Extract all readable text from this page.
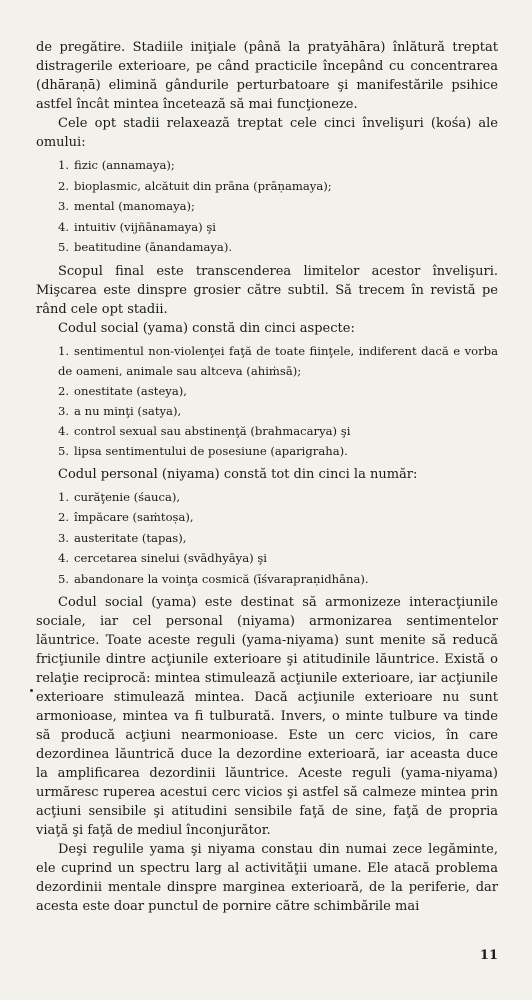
de pregătire. Stadiile iniţiale (până la pratyāhāra) înlătură treptat distragerile exterioare, pe când practicile începând cu concentrarea (dhāraṇā) elimină gândurile perturbatoare şi manifestările psihice astfel încât mintea încetează să mai funcţioneze.

Cele opt stadii relaxează treptat cele cinci învelişuri (kośa) ale omului:

1. fizic (annamaya);
2. bioplasmic, alcătuit din prāna (prāṇamaya);
3. mental (manomaya);
4. intuitiv (vijñānamaya) şi
5. beatitudine (ānandamaya).

Scopul final este transcenderea limitelor acestor învelişuri. Mişcarea este dinspre grosier către subtil. Să trecem în revistă pe rând cele opt stadii.

Codul social (yama) constă din cinci aspecte:

1. sentimentul non-violenţei faţă de toate fiinţele, indiferent dacă e vorba de oameni, animale sau altceva (ahiṁsā);
2. onestitate (asteya),
3. a nu minţi (satya),
4. control sexual sau abstinenţă (brahmacarya) şi
5. lipsa sentimentului de posesiune (aparigraha).

Codul personal (niyama) constă tot din cinci la număr:

1. curăţenie (śauca),
2. împăcare (saṁtoṣa),
3. austeritate (tapas),
4. cercetarea sinelui (svādhyāya) şi
5. abandonare la voinţa cosmică (īśvarapraṇidhāna).

Codul social (yama) este destinat să armonizeze interacţiunile sociale, iar cel personal (niyama) armonizarea sentimentelor lăuntrice. Toate aceste reguli (yama-niyama) sunt menite să reducă fricţiunile dintre acţiunile exterioare şi atitudinile lăuntrice. Există o relaţie reciprocă: mintea stimulează acţiunile exterioare, iar acţiunile exterioare stimulează mintea. Dacă acţiunile exterioare nu sunt armonioase, mintea va fi tulburată. Invers, o minte tulbure va tinde să producă acţiuni nearmonioase. Este un cerc vicios, în care dezordinea lăuntrică duce la dezordine exterioară, iar aceasta duce la amplificarea dezordinii lăuntrice. Aceste reguli (yama-niyama) urmăresc ruperea acestui cerc vicios şi astfel să calmeze mintea prin acţiuni sensibile şi atitudini sensibile faţă de sine, faţă de propria viaţă şi faţă de mediul înconjurător.

Deşi regulile yama şi niyama constau din numai zece legăminte, ele cuprind un spectru larg al activităţii umane. Ele atacă problema dezordinii mentale dinspre marginea exterioară, de la periferie, dar acesta este doar punctul de pornire către schimbările mai

11
